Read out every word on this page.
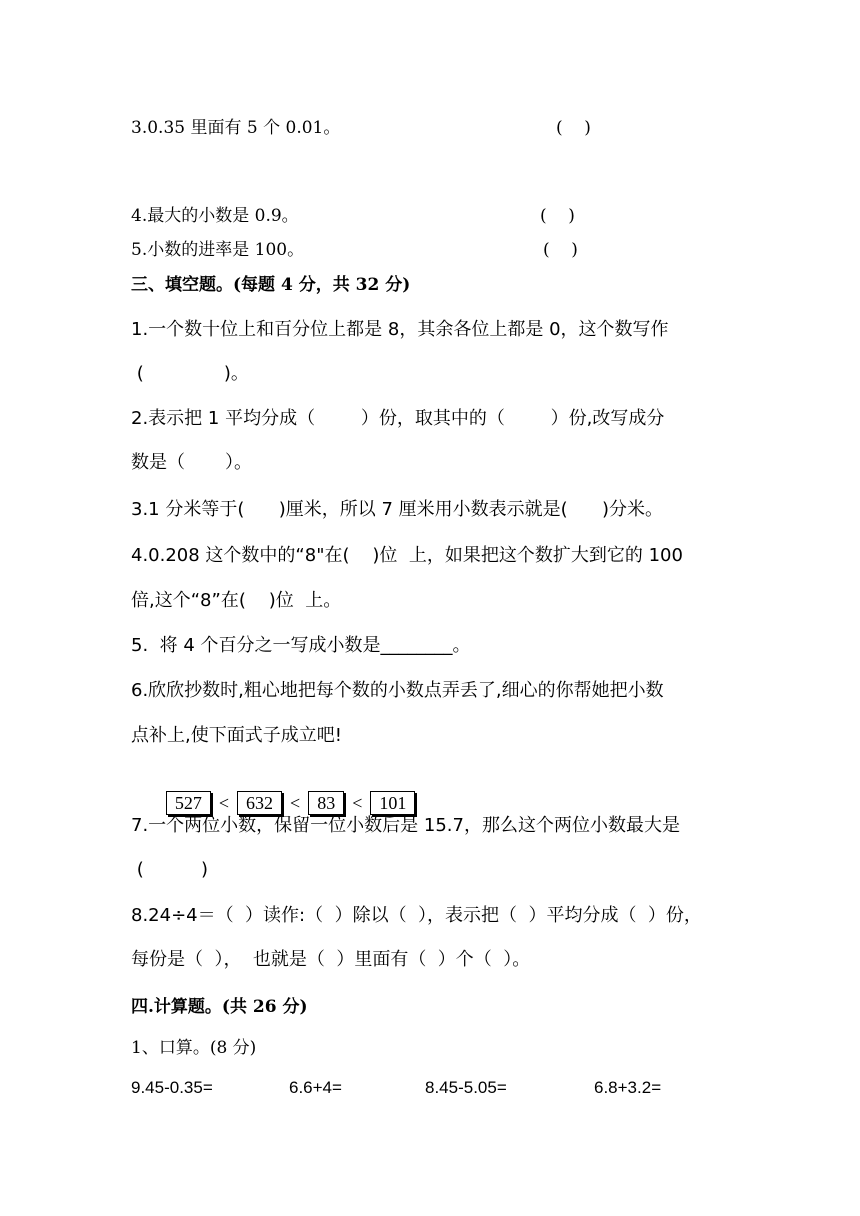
3.0.35 里面有 5 个 0.01。	(    )
4.最大的小数是 0.9。	(    )
5.小数的进率是 100。	(    )
三、填空题。(每题 4 分，共 32 分)
1.一个数十位上和百分位上都是 8，其余各位上都是 0，这个数写作
(              )。
2.表示把 1 平均分成（        ）份，取其中的（        ）份,改写成分
数是（       ）。
3.1 分米等于(      )厘米，所以 7 厘米用小数表示就是(      )分米。
4.0.208 这个数中的“8"在(    )位  上，如果把这个数扩大到它的 100
倍,这个“8”在(    )位  上。
5.  将 4 个百分之一写成小数是________。
6.欣欣抄数时,粗心地把每个数的小数点弄丢了,细心的你帮她把小数
点补上,使下面式子成立吧!

527 < 632 < 83 < 101

7.一个两位小数，保留一位小数后是 15.7，那么这个两位小数最大是
(          )
8.24÷4＝（  ）读作:（  ）除以（  ），表示把（  ）平均分成（  ）份，
每份是（  ），  也就是（  ）里面有（  ）个（  ）。
四.计算题。(共 26 分)
1、口算。(8 分)
9.45-0.35=	6.6+4=	8.45-5.05=	6.8+3.2=
